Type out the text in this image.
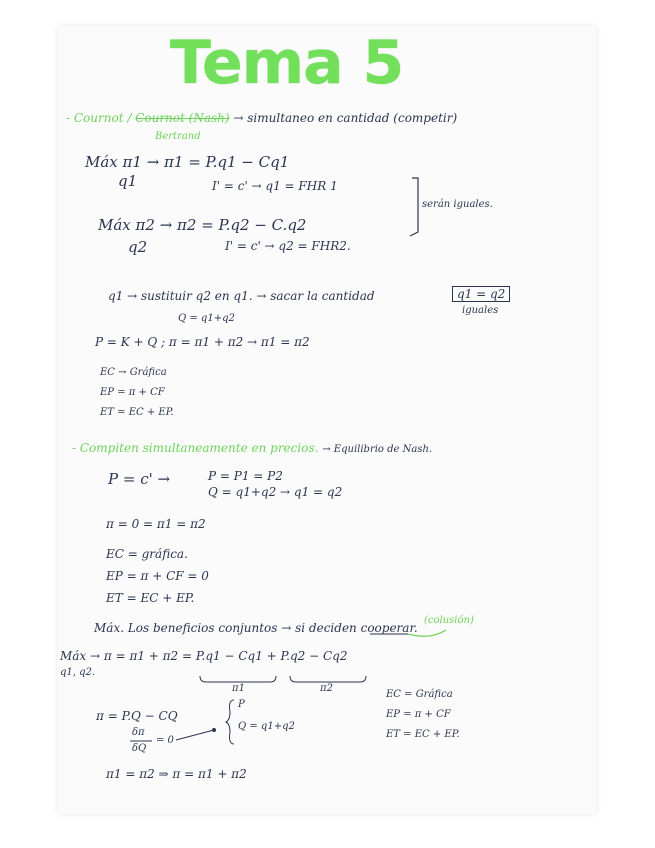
Tema 5
- Cournot / Cournot (Nash) → simultaneo en cantidad (competir)
Bertrand
Máx π1 → π1 = P.q1 − Cq1
q1	I' = c' → q1 = FHR 1
serán iguales.
Máx π2 → π2 = P.q2 − C.q2
q2	I' = c' → q2 = FHR2.
q1 → sustituir q2 en q1. → sacar la cantidad	q1 = q2
iguales
Q = q1+q2
P = K + Q ; π = π1 + π2 → π1 = π2
EC → Gráfica
EP = π + CF
ET = EC + EP.
- Compiten simultaneamente en precios. → Equilibrio de Nash.
P = c' →	P = P1 = P2
Q = q1+q2 → q1 = q2
π = 0 = π1 = π2
EC = gráfica.
EP = π + CF = 0
ET = EC + EP.
Máx. Los beneficios conjuntos → si deciden cooperar.
(colusión)
Máx → π = π1 + π2 = P.q1 − Cq1 + P.q2 − Cq2
q1, q2.
π1	π2
π = P.Q − CQ
P
Q = q1+q2
δπ
δQ
= 0
EC = Gráfica
EP = π + CF
ET = EC + EP.
π1 = π2 ⇒ π = π1 + π2
